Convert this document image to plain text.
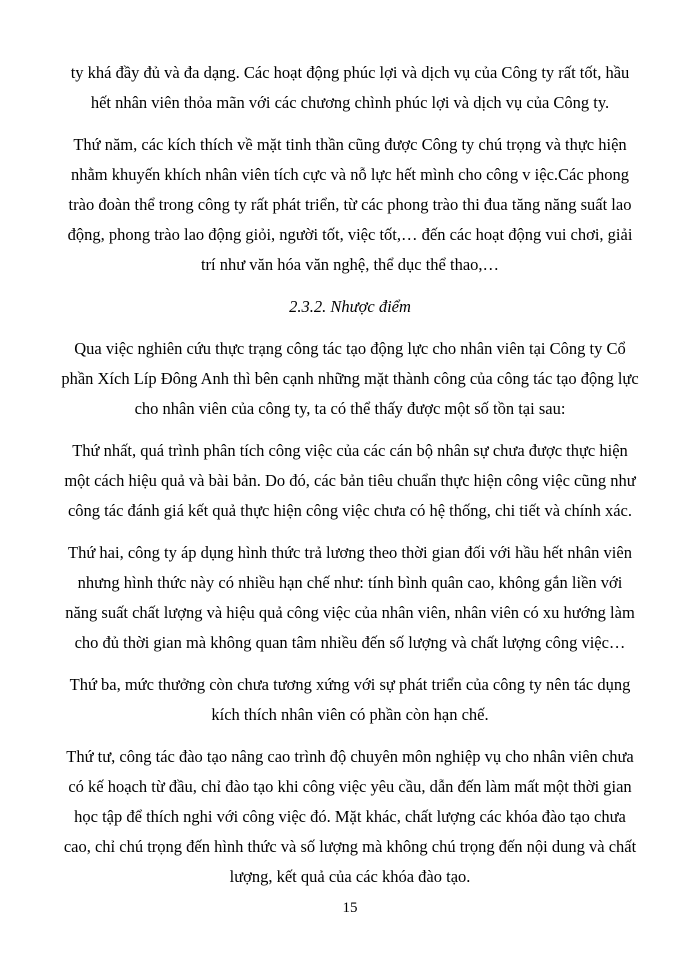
ty khá đầy đủ và đa dạng. Các hoạt động phúc lợi và dịch vụ của Công ty rất tốt, hầu hết nhân viên thỏa mãn với các chương chình phúc lợi và dịch vụ của Công ty.

Thứ năm, các kích thích về mặt tinh thần cũng được Công ty chú trọng và thực hiện nhằm khuyến khích nhân viên tích cực và nỗ lực hết mình cho công v iệc.Các phong trào đoàn thể trong công ty rất phát triển, từ các phong trào thi đua tăng năng suất lao động, phong trào lao động giỏi, người tốt, việc tốt,… đến các hoạt động vui chơi, giải trí như văn hóa văn nghệ, thể dục thể thao,…

2.3.2. Nhược điểm

Qua việc nghiên cứu thực trạng công tác tạo động lực cho nhân viên tại Công ty Cổ phần Xích Líp Đông Anh thì bên cạnh những mặt thành công của công tác tạo động lực cho nhân viên của công ty, ta có thể thấy được một số tồn tại sau:

Thứ nhất, quá trình phân tích công việc của các cán bộ nhân sự chưa được thực hiện một cách hiệu quả và bài bản. Do đó, các bản tiêu chuẩn thực hiện công việc cũng như công tác đánh giá kết quả thực hiện công việc chưa có hệ thống, chi tiết và chính xác.

Thứ hai, công ty áp dụng hình thức trả lương theo thời gian đối với hầu hết nhân viên nhưng hình thức này có nhiều hạn chế như: tính bình quân cao, không gắn liền với năng suất chất lượng và hiệu quả công việc của nhân viên, nhân viên có xu hướng làm cho đủ thời gian mà không quan tâm nhiều đến số lượng và chất lượng công việc…

Thứ ba, mức thưởng còn chưa tương xứng với sự phát triển của công ty nên tác dụng kích thích nhân viên có phần còn hạn chế.

Thứ tư, công tác đào tạo nâng cao trình độ chuyên môn nghiệp vụ cho nhân viên chưa có kế hoạch từ đầu, chỉ đào tạo khi công việc yêu cầu, dẫn đến làm mất một thời gian học tập để thích nghi với công việc đó. Mặt khác, chất lượng các khóa đào tạo chưa cao, chỉ chú trọng đến hình thức và số lượng mà không chú trọng đến nội dung và chất lượng, kết quả của các khóa đào tạo.

15
